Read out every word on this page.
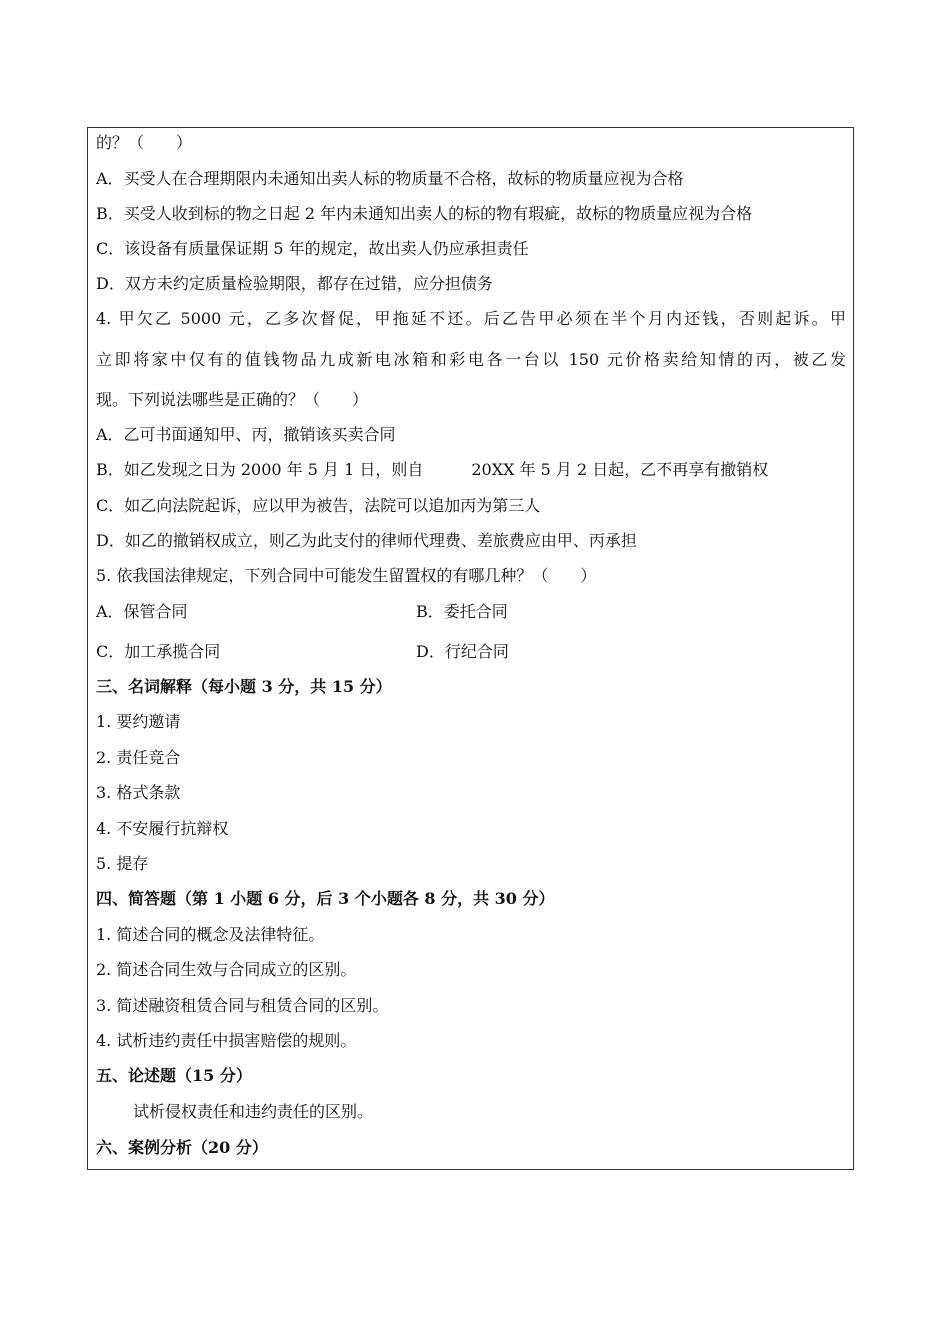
的？（　　）
A．买受人在合理期限内未通知出卖人标的物质量不合格，故标的物质量应视为合格
B．买受人收到标的物之日起 2 年内未通知出卖人的标的物有瑕疵，故标的物质量应视为合格
C．该设备有质量保证期 5 年的规定，故出卖人仍应承担责任
D．双方未约定质量检验期限，都存在过错，应分担债务
4. 甲欠乙 5000 元，乙多次督促，甲拖延不还。后乙告甲必须在半个月内还钱，否则起诉。甲
立即将家中仅有的值钱物品九成新电冰箱和彩电各一台以 150 元价格卖给知情的丙，被乙发
现。下列说法哪些是正确的？（　　）
A．乙可书面通知甲、丙，撤销该买卖合同
B．如乙发现之日为 2000 年 5 月 1 日，则自　　　20XX 年 5 月 2 日起，乙不再享有撤销权
C．如乙向法院起诉，应以甲为被告，法院可以追加丙为第三人
D．如乙的撤销权成立，则乙为此支付的律师代理费、差旅费应由甲、丙承担
5. 依我国法律规定，下列合同中可能发生留置权的有哪几种？（　　）
A．保管合同	B．委托合同
C．加工承揽合同	D．行纪合同
三、名词解释（每小题 3 分，共 15 分）
1. 要约邀请
2. 责任竞合
3. 格式条款
4. 不安履行抗辩权
5. 提存
四、简答题（第 1 小题 6 分，后 3 个小题各 8 分，共 30 分）
1. 简述合同的概念及法律特征。
2. 简述合同生效与合同成立的区别。
3. 简述融资租赁合同与租赁合同的区别。
4. 试析违约责任中损害赔偿的规则。
五、论述题（15 分）
试析侵权责任和违约责任的区别。
六、案例分析（20 分）
